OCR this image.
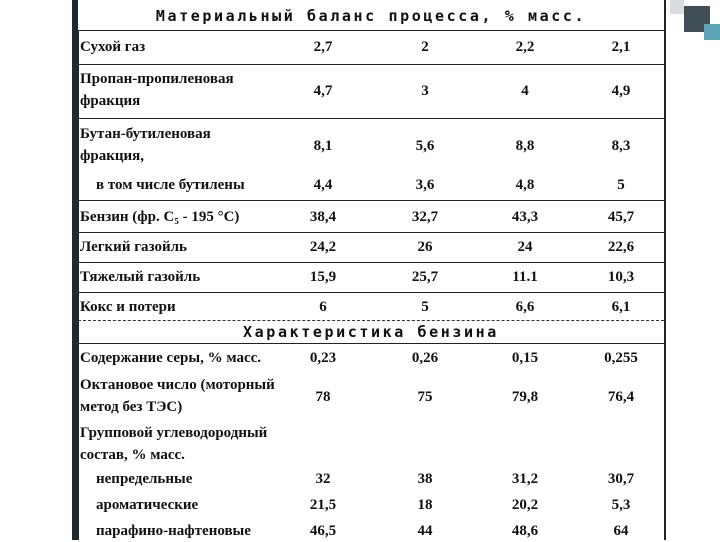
Материальный баланс процесса, % масс.
Сухой газ	2,7	2	2,2	2,1
Пропан-пропиленовая
фракция
4,7	3	4	4,9
Бутан-бутиленовая
фракция,
8,1	5,6	8,8	8,3
в том числе бутилены	4,4	3,6	4,8	5
Бензин (фр. С₅ - 195 °С)	38,4	32,7	43,3	45,7
Легкий газойль	24,2	26	24	22,6
Тяжелый газойль	15,9	25,7	11.1	10,3
Кокс и потери	6	5	6,6	6,1
Характеристика бензина
Содержание серы, % масс.	0,23	0,26	0,15	0,255
Октановое число (моторный
метод без ТЭС)
78	75	79,8	76,4
Групповой углеводородный
состав, % масс.
непредельные	32	38	31,2	30,7
ароматические	21,5	18	20,2	5,3
парафино-нафтеновые	46,5	44	48,6	64
